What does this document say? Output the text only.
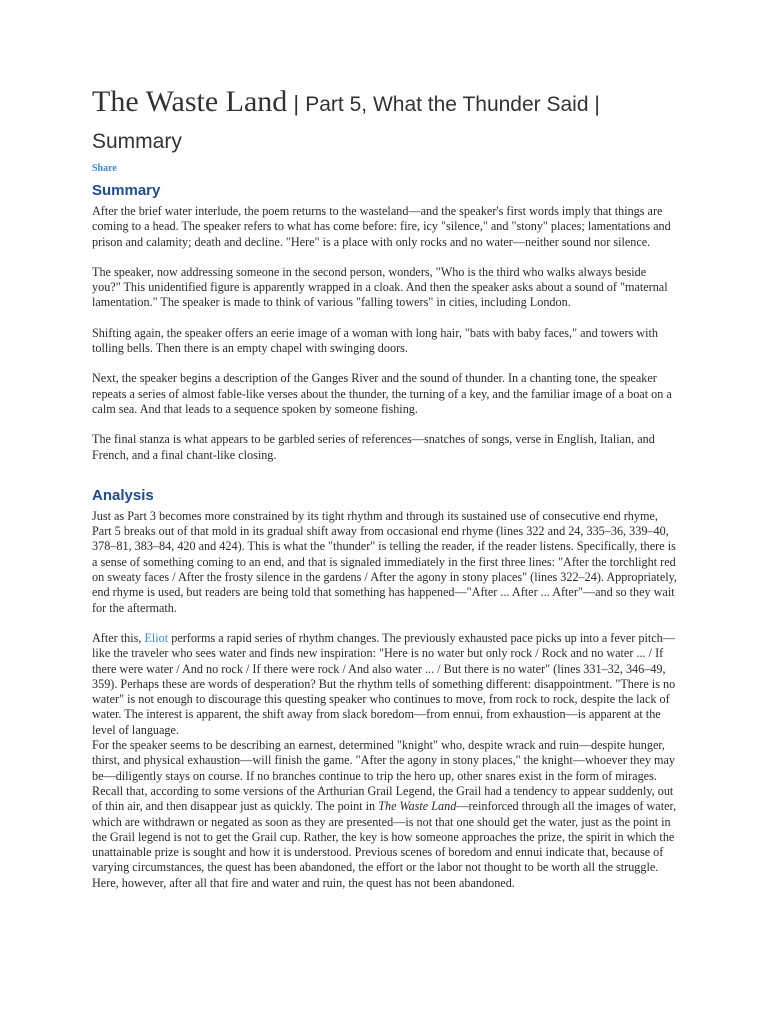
The Waste Land | Part 5, What the Thunder Said | Summary
Share
Summary

After the brief water interlude, the poem returns to the wasteland—and the speaker's first words imply that things are coming to a head. The speaker refers to what has come before: fire, icy "silence," and "stony" places; lamentations and prison and calamity; death and decline. "Here" is a place with only rocks and no water—neither sound nor silence.

The speaker, now addressing someone in the second person, wonders, "Who is the third who walks always beside you?" This unidentified figure is apparently wrapped in a cloak. And then the speaker asks about a sound of "maternal lamentation." The speaker is made to think of various "falling towers" in cities, including London.

Shifting again, the speaker offers an eerie image of a woman with long hair, "bats with baby faces," and towers with tolling bells. Then there is an empty chapel with swinging doors.

Next, the speaker begins a description of the Ganges River and the sound of thunder. In a chanting tone, the speaker repeats a series of almost fable-like verses about the thunder, the turning of a key, and the familiar image of a boat on a calm sea. And that leads to a sequence spoken by someone fishing.

The final stanza is what appears to be garbled series of references—snatches of songs, verse in English, Italian, and French, and a final chant-like closing.

Analysis

Just as Part 3 becomes more constrained by its tight rhythm and through its sustained use of consecutive end rhyme, Part 5 breaks out of that mold in its gradual shift away from occasional end rhyme (lines 322 and 24, 335–36, 339–40, 378–81, 383–84, 420 and 424). This is what the "thunder" is telling the reader, if the reader listens. Specifically, there is a sense of something coming to an end, and that is signaled immediately in the first three lines: "After the torchlight red on sweaty faces / After the frosty silence in the gardens / After the agony in stony places" (lines 322–24). Appropriately, end rhyme is used, but readers are being told that something has happened—"After ... After ... After"—and so they wait for the aftermath.

After this, Eliot performs a rapid series of rhythm changes. The previously exhausted pace picks up into a fever pitch—like the traveler who sees water and finds new inspiration: "Here is no water but only rock / Rock and no water ... / If there were water / And no rock / If there were rock / And also water ... / But there is no water" (lines 331–32, 346–49, 359). Perhaps these are words of desperation? But the rhythm tells of something different: disappointment. "There is no water" is not enough to discourage this questing speaker who continues to move, from rock to rock, despite the lack of water. The interest is apparent, the shift away from slack boredom—from ennui, from exhaustion—is apparent at the level of language.

For the speaker seems to be describing an earnest, determined "knight" who, despite wrack and ruin—despite hunger, thirst, and physical exhaustion—will finish the game. "After the agony in stony places," the knight—whoever they may be—diligently stays on course. If no branches continue to trip the hero up, other snares exist in the form of mirages. Recall that, according to some versions of the Arthurian Grail Legend, the Grail had a tendency to appear suddenly, out of thin air, and then disappear just as quickly. The point in The Waste Land—reinforced through all the images of water, which are withdrawn or negated as soon as they are presented—is not that one should get the water, just as the point in the Grail legend is not to get the Grail cup. Rather, the key is how someone approaches the prize, the spirit in which the unattainable prize is sought and how it is understood. Previous scenes of boredom and ennui indicate that, because of varying circumstances, the quest has been abandoned, the effort or the labor not thought to be worth all the struggle. Here, however, after all that fire and water and ruin, the quest has not been abandoned.
